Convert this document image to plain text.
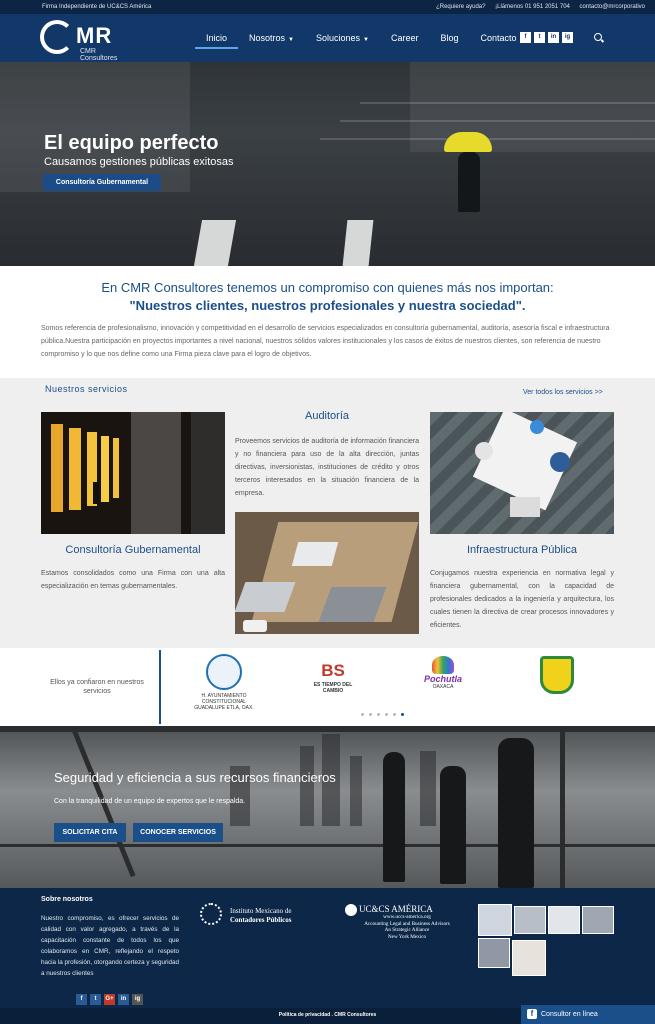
Firma Independiente de UC&CS América	¿Requiere ayuda? ¡Llámenos 01 951 2051 704 contacto@mrcorporativo
MR
CMR Consultores
Inicio	Nosotros ▼	Soluciones ▼	Career	Blog	Contacto	f	t	in	ig
El equipo perfecto
Causamos gestiones públicas exitosas
Consultoría Gubernamental
En CMR Consultores tenemos un compromiso con quienes más nos importan:
"Nuestros clientes, nuestros profesionales y nuestra sociedad".
Somos referencia de profesionalismo, innovación y competitividad en el desarrollo de servicios especializados en consultoría gubernamental, auditoría, asesoría fiscal e infraestructura pública.Nuestra participación en proyectos importantes a nivel nacional, nuestros sólidos valores institucionales y los casos de éxitos de nuestros clientes, son referencia de nuestro compromiso y lo que nos define como una Firma pieza clave para el logro de objetivos.
Nuestros servicios	Ver todos los servicios >>
Consultoría Gubernamental
Estamos consolidados como una Firma con una alta especialización en temas gubernamentales.
Auditoría
Proveemos servicios de auditoría de información financiera y no financiera para uso de la alta dirección, juntas directivas, inversionistas, instituciones de crédito y otros terceros interesados en la situación financiera de la empresa.
Infraestructura Pública
Conjugamos nuestra experiencia en normativa legal y financiera gubernamental, con la capacidad de profesionales dedicados a la ingeniería y arquitectura, los cuales tienen la directiva de crear procesos innovadores y eficientes.
Ellos ya confiaron en nuestros servicios
H. AYUNTAMIENTO CONSTITUCIONAL GUADALUPE ETLA, OAX.
BS
ES TIEMPO DEL CAMBIO
Pochutla
OAXACA
Seguridad y eficiencia a sus recursos financieros
Con la tranquilidad de un equipo de expertos que le respalda.
SOLICITAR CITA	CONOCER SERVICIOS
Sobre nosotros
Nuestro compromiso, es ofrecer servicios de calidad con valor agregado, a través de la capacitación constante de todos los que colaboramos en CMR, reflejando el respeto hacia la profesión, otorgando certeza y seguridad a nuestros clientes
f	t	G+	in	ig
Instituto Mexicano de
Contadores Públicos
UC&CS AMÉRICA
www.uccs-america.org
Accounting Legal and Business Advisors
An Strategic Alliance
New York Mexico
Política de privacidad . CMR Consultores	f	Consultor en línea
